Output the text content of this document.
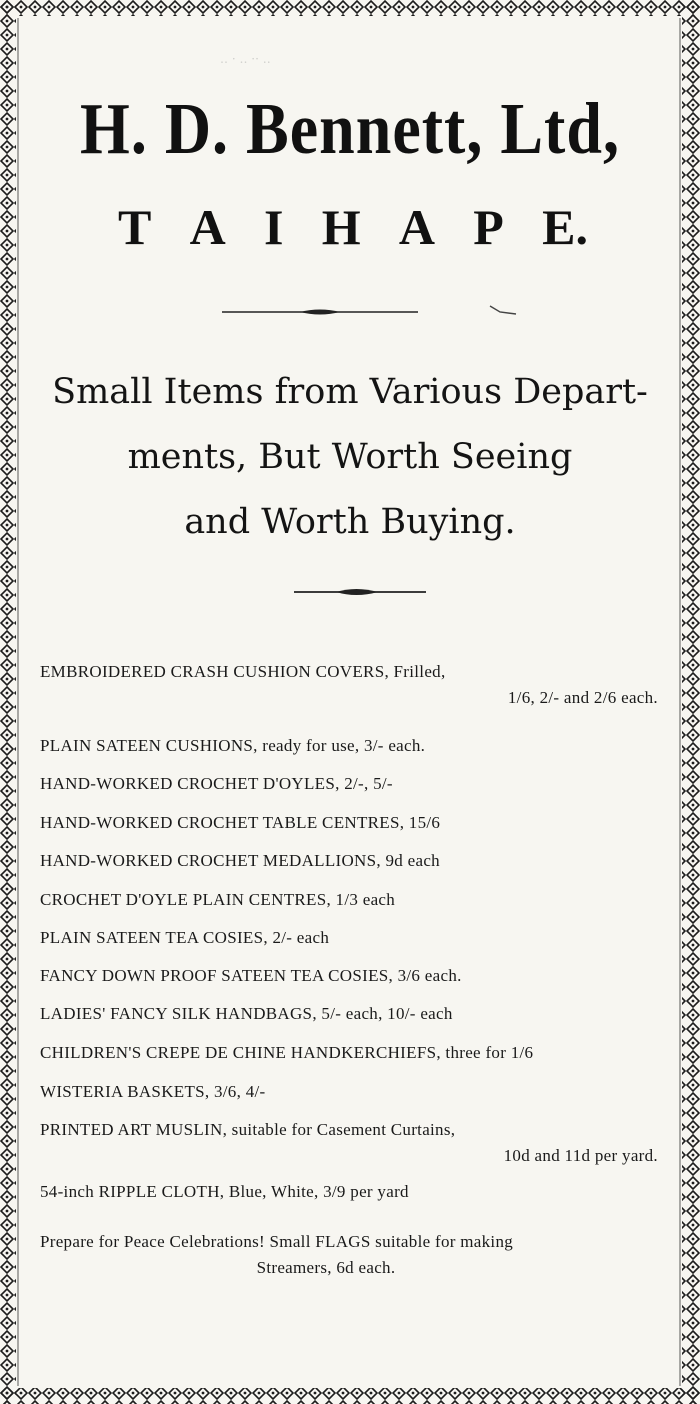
‥ · ‥ ·· ‥
H. D. Bennett, Ltd,
T A I H A P E.
Small Items from Various Depart-
ments, But Worth Seeing
and Worth Buying.
EMBROIDERED CRASH CUSHION COVERS, Frilled,
1/6, 2/- and 2/6 each.
PLAIN SATEEN CUSHIONS, ready for use, 3/- each.
HAND-WORKED CROCHET D'OYLES, 2/-, 5/-
HAND-WORKED CROCHET TABLE CENTRES, 15/6
HAND-WORKED CROCHET MEDALLIONS, 9d each
CROCHET D'OYLE PLAIN CENTRES, 1/3 each
PLAIN SATEEN TEA COSIES, 2/- each
FANCY DOWN PROOF SATEEN TEA COSIES, 3/6 each.
LADIES' FANCY SILK HANDBAGS, 5/- each, 10/- each
CHILDREN'S CREPE DE CHINE HANDKERCHIEFS, three for 1/6
WISTERIA BASKETS, 3/6, 4/-
PRINTED ART MUSLIN, suitable for Casement Curtains,
10d and 11d per yard.
54-inch RIPPLE CLOTH, Blue, White, 3/9 per yard
Prepare for Peace Celebrations! Small FLAGS suitable for making
Streamers, 6d each.
